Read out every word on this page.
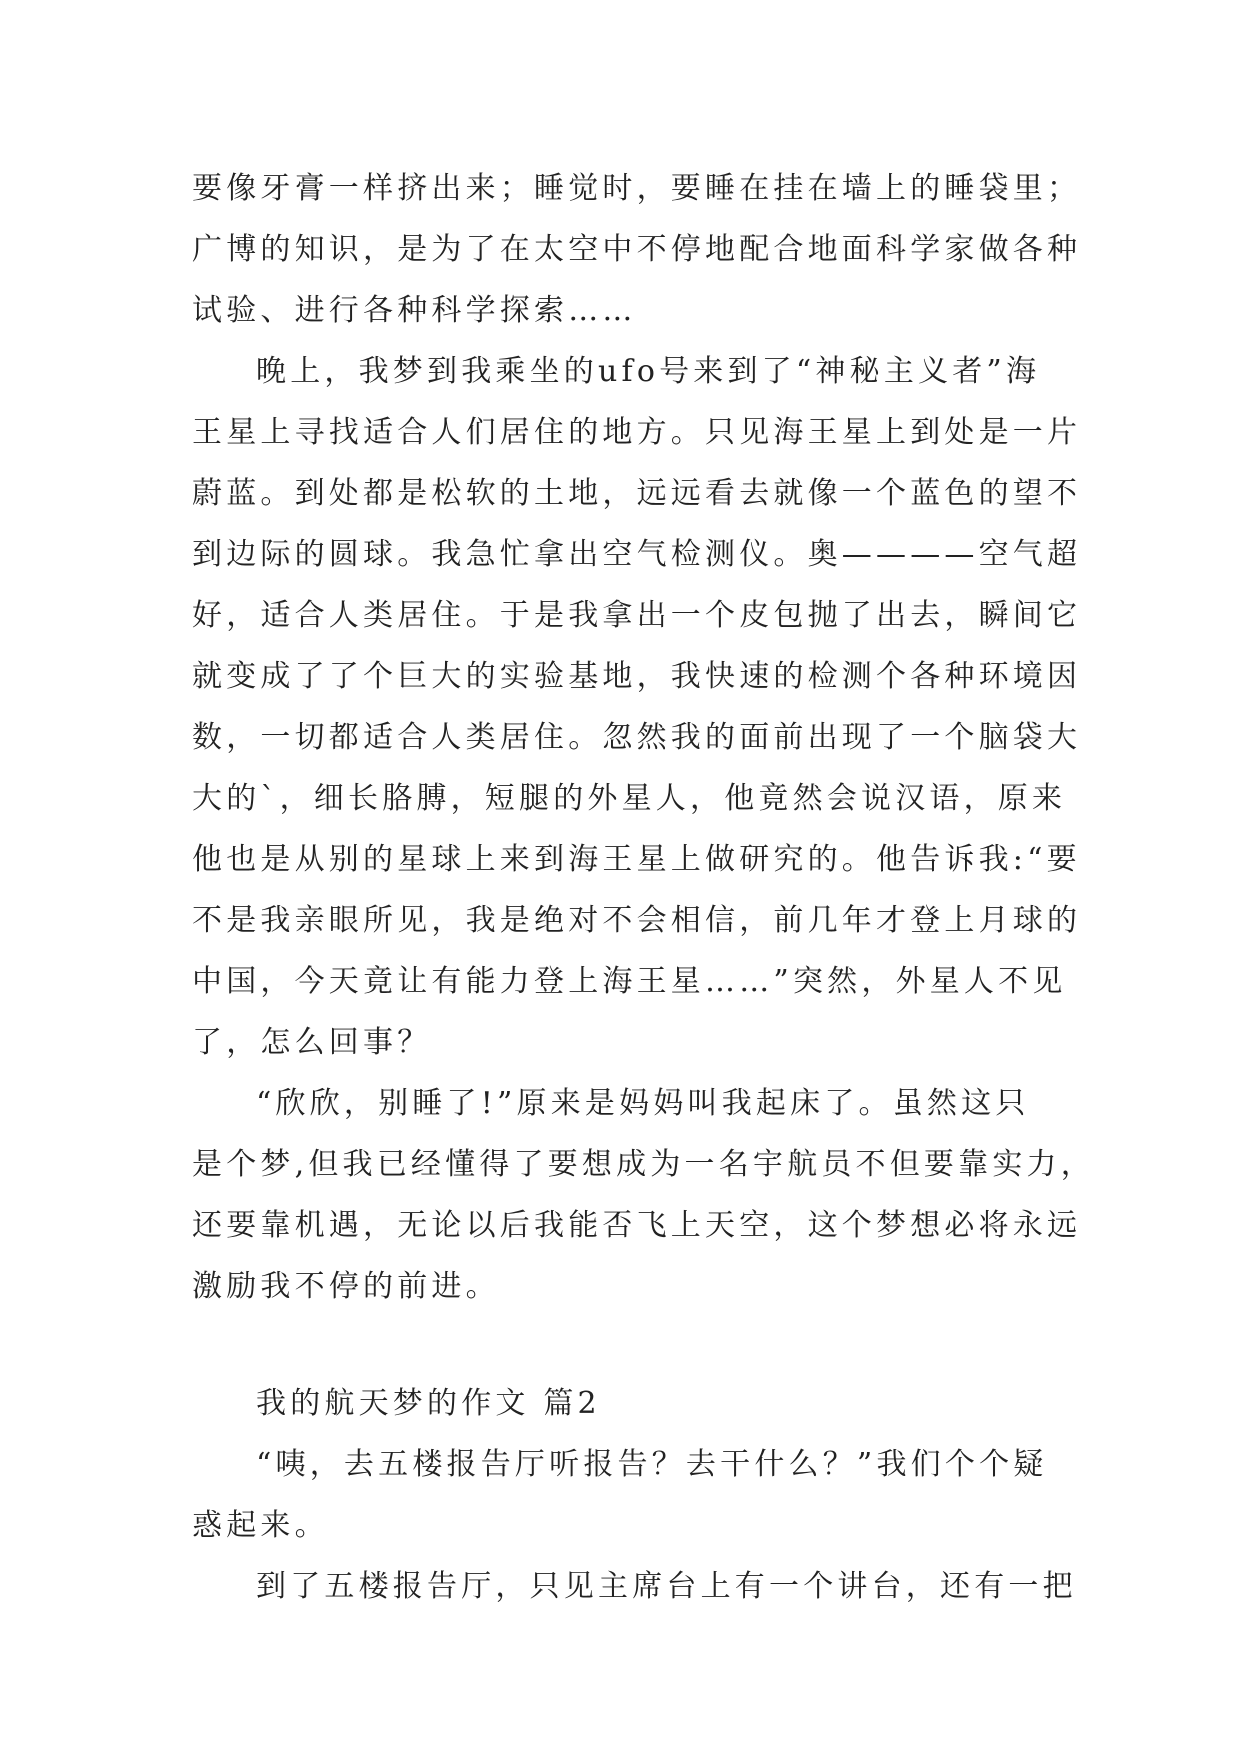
要像牙膏一样挤出来；睡觉时，要睡在挂在墙上的睡袋里；
广博的知识，是为了在太空中不停地配合地面科学家做各种
试验、进行各种科学探索……
晚上，我梦到我乘坐的ufo号来到了“神秘主义者”海
王星上寻找适合人们居住的地方。只见海王星上到处是一片
蔚蓝。到处都是松软的土地，远远看去就像一个蓝色的望不
到边际的圆球。我急忙拿出空气检测仪。奥————空气超
好，适合人类居住。于是我拿出一个皮包抛了出去，瞬间它
就变成了了个巨大的实验基地，我快速的检测个各种环境因
数，一切都适合人类居住。忽然我的面前出现了一个脑袋大
大的`，细长胳膊，短腿的外星人，他竟然会说汉语，原来
他也是从别的星球上来到海王星上做研究的。他告诉我:“要
不是我亲眼所见，我是绝对不会相信，前几年才登上月球的
中国，今天竟让有能力登上海王星……”突然，外星人不见
了，怎么回事？
“欣欣，别睡了!”原来是妈妈叫我起床了。虽然这只
是个梦,但我已经懂得了要想成为一名宇航员不但要靠实力，
还要靠机遇，无论以后我能否飞上天空，这个梦想必将永远
激励我不停的前进。
我的航天梦的作文 篇2
“咦，去五楼报告厅听报告？去干什么？”我们个个疑
惑起来。
到了五楼报告厅，只见主席台上有一个讲台，还有一把
